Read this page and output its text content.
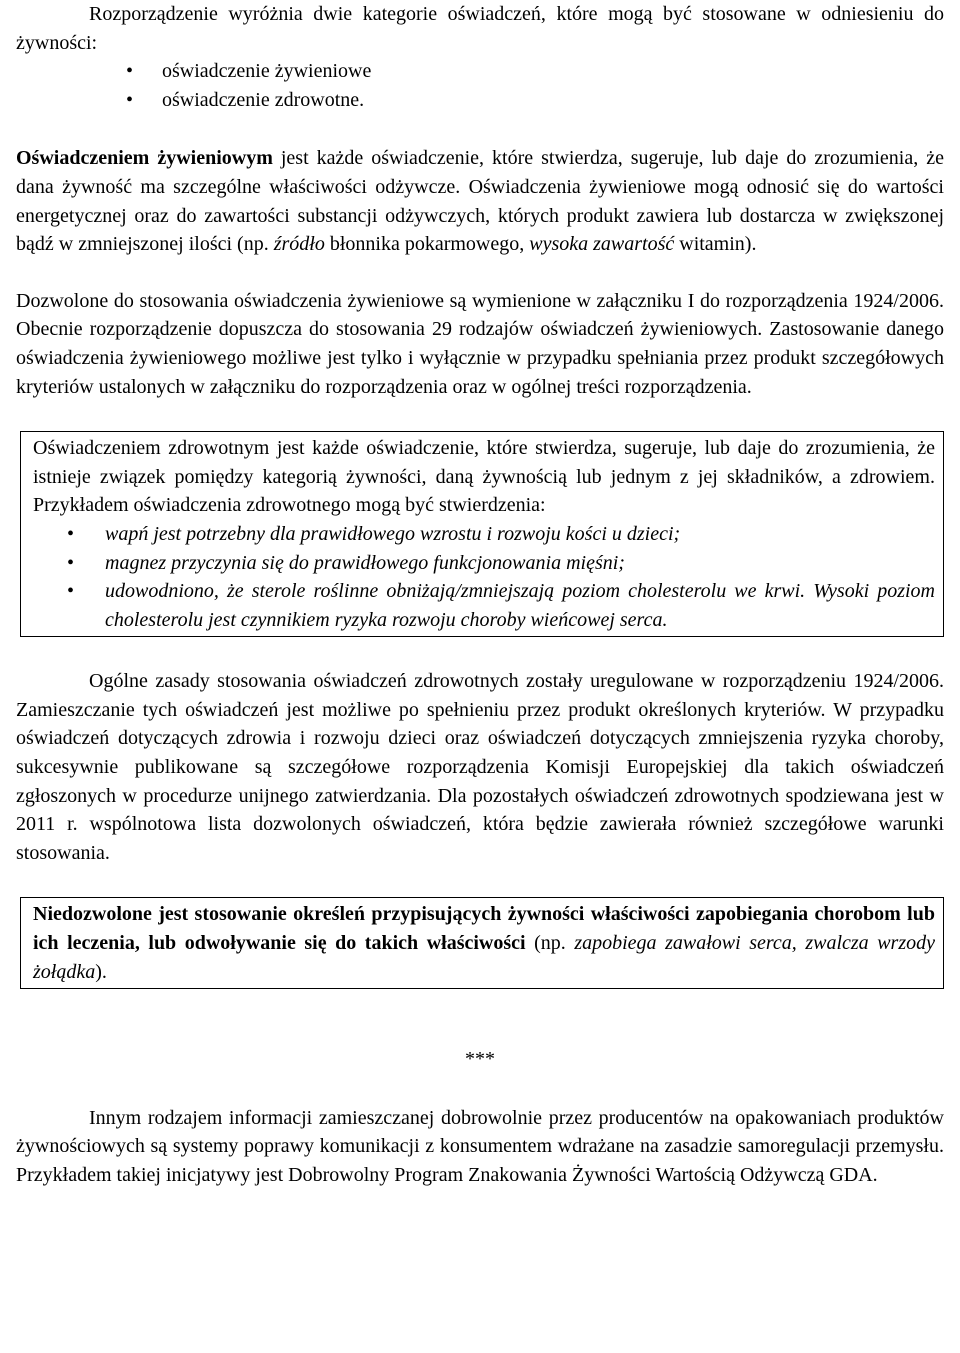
Rozporządzenie wyróżnia dwie kategorie oświadczeń, które mogą być stosowane w odniesieniu do żywności:

• oświadczenie żywieniowe
• oświadczenie zdrowotne.

Oświadczeniem żywieniowym jest każde oświadczenie, które stwierdza, sugeruje, lub daje do zrozumienia, że dana żywność ma szczególne właściwości odżywcze. Oświadczenia żywieniowe mogą odnosić się do wartości energetycznej oraz do zawartości substancji odżywczych, których produkt zawiera lub dostarcza w zwiększonej bądź w zmniejszonej ilości (np. źródło błonnika pokarmowego, wysoka zawartość witamin).

Dozwolone do stosowania oświadczenia żywieniowe są wymienione w załączniku I do rozporządzenia 1924/2006. Obecnie rozporządzenie dopuszcza do stosowania 29 rodzajów oświadczeń żywieniowych. Zastosowanie danego oświadczenia żywieniowego możliwe jest tylko i wyłącznie w przypadku spełniania przez produkt szczegółowych kryteriów ustalonych w załączniku do rozporządzenia oraz w ogólnej treści rozporządzenia.

Oświadczeniem zdrowotnym jest każde oświadczenie, które stwierdza, sugeruje, lub daje do zrozumienia, że istnieje związek pomiędzy kategorią żywności, daną żywnością lub jednym z jej składników, a zdrowiem. Przykładem oświadczenia zdrowotnego mogą być stwierdzenia:

• wapń jest potrzebny dla prawidłowego wzrostu i rozwoju kości u dzieci;
• magnez przyczynia się do prawidłowego funkcjonowania mięśni;
• udowodniono, że sterole roślinne obniżają/zmniejszają poziom cholesterolu we krwi. Wysoki poziom cholesterolu jest czynnikiem ryzyka rozwoju choroby wieńcowej serca.

Ogólne zasady stosowania oświadczeń zdrowotnych zostały uregulowane w rozporządzeniu 1924/2006. Zamieszczanie tych oświadczeń jest możliwe po spełnieniu przez produkt określonych kryteriów. W przypadku oświadczeń dotyczących zdrowia i rozwoju dzieci oraz oświadczeń dotyczących zmniejszenia ryzyka choroby, sukcesywnie publikowane są szczegółowe rozporządzenia Komisji Europejskiej dla takich oświadczeń zgłoszonych w procedurze unijnego zatwierdzania. Dla pozostałych oświadczeń zdrowotnych spodziewana jest w 2011 r. wspólnotowa lista dozwolonych oświadczeń, która będzie zawierała również szczegółowe warunki stosowania.

Niedozwolone jest stosowanie określeń przypisujących żywności właściwości zapobiegania chorobom lub ich leczenia, lub odwoływanie się do takich właściwości (np. zapobiega zawałowi serca, zwalcza wrzody żołądka).

***

Innym rodzajem informacji zamieszczanej dobrowolnie przez producentów na opakowaniach produktów żywnościowych są systemy poprawy komunikacji z konsumentem wdrażane na zasadzie samoregulacji przemysłu. Przykładem takiej inicjatywy jest Dobrowolny Program Znakowania Żywności Wartością Odżywczą GDA.
